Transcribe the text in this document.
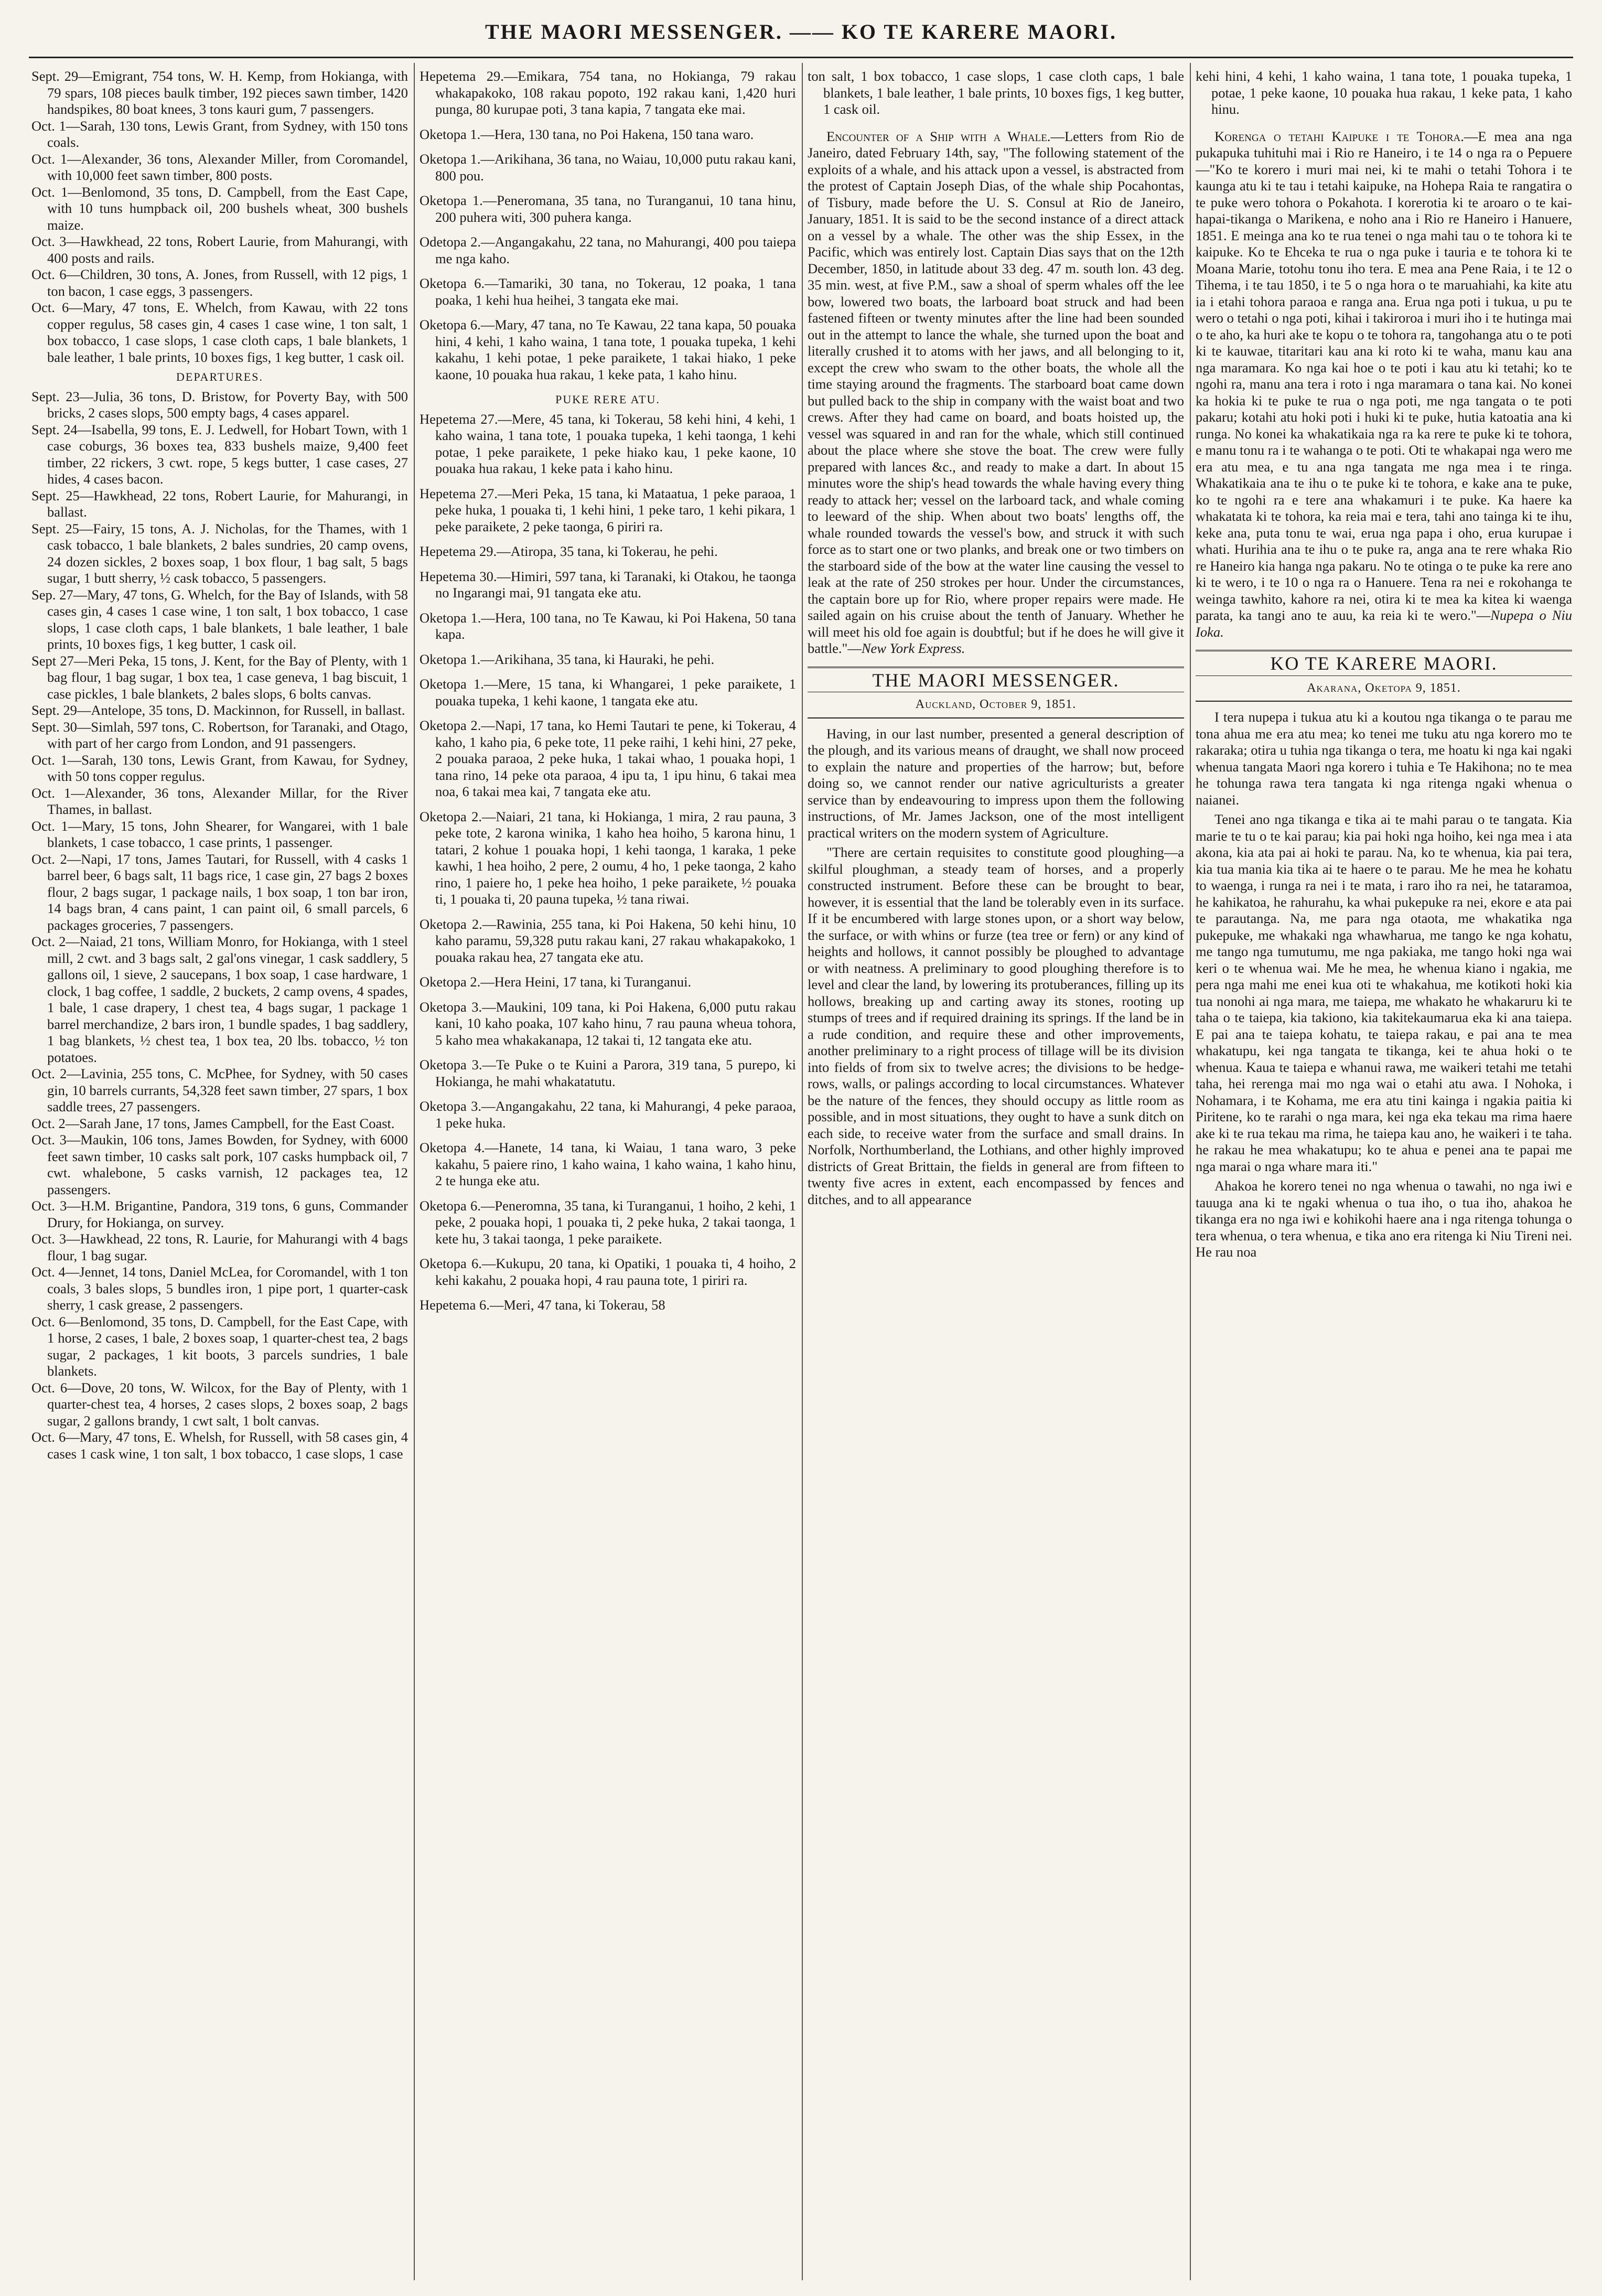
THE MAORI MESSENGER. —— KO TE KARERE MAORI.

Sept. 29—Emigrant, 754 tons, W. H. Kemp, from Hokianga, with 79 spars, 108 pieces baulk timber, 192 pieces sawn timber, 1420 handspikes, 80 boat knees, 3 tons kauri gum, 7 passengers.

Oct. 1—Sarah, 130 tons, Lewis Grant, from Sydney, with 150 tons coals.

Oct. 1—Alexander, 36 tons, Alexander Miller, from Coromandel, with 10,000 feet sawn timber, 800 posts.

Oct. 1—Benlomond, 35 tons, D. Campbell, from the East Cape, with 10 tuns humpback oil, 200 bushels wheat, 300 bushels maize.

Oct. 3—Hawkhead, 22 tons, Robert Laurie, from Mahurangi, with 400 posts and rails.

Oct. 6—Children, 30 tons, A. Jones, from Russell, with 12 pigs, 1 ton bacon, 1 case eggs, 3 passengers.

Oct. 6—Mary, 47 tons, E. Whelch, from Kawau, with 22 tons copper regulus, 58 cases gin, 4 cases 1 case wine, 1 ton salt, 1 box tobacco, 1 case slops, 1 case cloth caps, 1 bale blankets, 1 bale leather, 1 bale prints, 10 boxes figs, 1 keg butter, 1 cask oil.

DEPARTURES.

Sept. 23—Julia, 36 tons, D. Bristow, for Poverty Bay, with 500 bricks, 2 cases slops, 500 empty bags, 4 cases apparel.

Sept. 24—Isabella, 99 tons, E. J. Ledwell, for Hobart Town, with 1 case coburgs, 36 boxes tea, 833 bushels maize, 9,400 feet timber, 22 rickers, 3 cwt. rope, 5 kegs butter, 1 case cases, 27 hides, 4 cases bacon.

Sept. 25—Hawkhead, 22 tons, Robert Laurie, for Mahurangi, in ballast.

Sept. 25—Fairy, 15 tons, A. J. Nicholas, for the Thames, with 1 cask tobacco, 1 bale blankets, 2 bales sundries, 20 camp ovens, 24 dozen sickles, 2 boxes soap, 1 box flour, 1 bag salt, 5 bags sugar, 1 butt sherry, ½ cask tobacco, 5 passengers.

Sep. 27—Mary, 47 tons, G. Whelch, for the Bay of Islands, with 58 cases gin, 4 cases 1 case wine, 1 ton salt, 1 box tobacco, 1 case slops, 1 case cloth caps, 1 bale blankets, 1 bale leather, 1 bale prints, 10 boxes figs, 1 keg butter, 1 cask oil.

Sept 27—Meri Peka, 15 tons, J. Kent, for the Bay of Plenty, with 1 bag flour, 1 bag sugar, 1 box tea, 1 case geneva, 1 bag biscuit, 1 case pickles, 1 bale blankets, 2 bales slops, 6 bolts canvas.

Sept. 29—Antelope, 35 tons, D. Mackinnon, for Russell, in ballast.

Sept. 30—Simlah, 597 tons, C. Robertson, for Taranaki, and Otago, with part of her cargo from London, and 91 passengers.

Oct. 1—Sarah, 130 tons, Lewis Grant, from Kawau, for Sydney, with 50 tons copper regulus.

Oct. 1—Alexander, 36 tons, Alexander Millar, for the River Thames, in ballast.

Oct. 1—Mary, 15 tons, John Shearer, for Wangarei, with 1 bale blankets, 1 case tobacco, 1 case prints, 1 passenger.

Oct. 2—Napi, 17 tons, James Tautari, for Russell, with 4 casks 1 barrel beer, 6 bags salt, 11 bags rice, 1 case gin, 27 bags 2 boxes flour, 2 bags sugar, 1 package nails, 1 box soap, 1 ton bar iron, 14 bags bran, 4 cans paint, 1 can paint oil, 6 small parcels, 6 packages groceries, 7 passengers.

Oct. 2—Naiad, 21 tons, William Monro, for Hokianga, with 1 steel mill, 2 cwt. and 3 bags salt, 2 gal'ons vinegar, 1 cask saddlery, 5 gallons oil, 1 sieve, 2 saucepans, 1 box soap, 1 case hardware, 1 clock, 1 bag coffee, 1 saddle, 2 buckets, 2 camp ovens, 4 spades, 1 bale, 1 case drapery, 1 chest tea, 4 bags sugar, 1 package 1 barrel merchandize, 2 bars iron, 1 bundle spades, 1 bag saddlery, 1 bag blankets, ½ chest tea, 1 box tea, 20 lbs. tobacco, ½ ton potatoes.

Oct. 2—Lavinia, 255 tons, C. McPhee, for Sydney, with 50 cases gin, 10 barrels currants, 54,328 feet sawn timber, 27 spars, 1 box saddle trees, 27 passengers.

Oct. 2—Sarah Jane, 17 tons, James Campbell, for the East Coast.

Oct. 3—Maukin, 106 tons, James Bowden, for Sydney, with 6000 feet sawn timber, 10 casks salt pork, 107 casks humpback oil, 7 cwt. whalebone, 5 casks varnish, 12 packages tea, 12 passengers.

Oct. 3—H.M. Brigantine, Pandora, 319 tons, 6 guns, Commander Drury, for Hokianga, on survey.

Oct. 3—Hawkhead, 22 tons, R. Laurie, for Mahurangi with 4 bags flour, 1 bag sugar.

Oct. 4—Jennet, 14 tons, Daniel McLea, for Coromandel, with 1 ton coals, 3 bales slops, 5 bundles iron, 1 pipe port, 1 quarter-cask sherry, 1 cask grease, 2 passengers.

Oct. 6—Benlomond, 35 tons, D. Campbell, for the East Cape, with 1 horse, 2 cases, 1 bale, 2 boxes soap, 1 quarter-chest tea, 2 bags sugar, 2 packages, 1 kit boots, 3 parcels sundries, 1 bale blankets.

Oct. 6—Dove, 20 tons, W. Wilcox, for the Bay of Plenty, with 1 quarter-chest tea, 4 horses, 2 cases slops, 2 boxes soap, 2 bags sugar, 2 gallons brandy, 1 cwt salt, 1 bolt canvas.

Oct. 6—Mary, 47 tons, E. Whelsh, for Russell, with 58 cases gin, 4 cases 1 cask wine, 1 ton salt, 1 box tobacco, 1 case slops, 1 case

Hepetema 29.—Emikara, 754 tana, no Hokianga, 79 rakau whakapakoko, 108 rakau popoto, 192 rakau kani, 1,420 huri punga, 80 kurupae poti, 3 tana kapia, 7 tangata eke mai.

Oketopa 1.—Hera, 130 tana, no Poi Hakena, 150 tana waro.

Oketopa 1.—Arikihana, 36 tana, no Waiau, 10,000 putu rakau kani, 800 pou.

Oketopa 1.—Peneromana, 35 tana, no Turanganui, 10 tana hinu, 200 puhera witi, 300 puhera kanga.

Odetopa 2.—Angangakahu, 22 tana, no Mahurangi, 400 pou taiepa me nga kaho.

Oketopa 6.—Tamariki, 30 tana, no Tokerau, 12 poaka, 1 tana poaka, 1 kehi hua heihei, 3 tangata eke mai.

Oketopa 6.—Mary, 47 tana, no Te Kawau, 22 tana kapa, 50 pouaka hini, 4 kehi, 1 kaho waina, 1 tana tote, 1 pouaka tupeka, 1 kehi kakahu, 1 kehi potae, 1 peke paraikete, 1 takai hiako, 1 peke kaone, 10 pouaka hua rakau, 1 keke pata, 1 kaho hinu.

PUKE RERE ATU.

Hepetema 27.—Mere, 45 tana, ki Tokerau, 58 kehi hini, 4 kehi, 1 kaho waina, 1 tana tote, 1 pouaka tupeka, 1 kehi taonga, 1 kehi potae, 1 peke paraikete, 1 peke hiako kau, 1 peke kaone, 10 pouaka hua rakau, 1 keke pata i kaho hinu.

Hepetema 27.—Meri Peka, 15 tana, ki Mataatua, 1 peke paraoa, 1 peke huka, 1 pouaka ti, 1 kehi hini, 1 peke taro, 1 kehi pikara, 1 peke paraikete, 2 peke taonga, 6 piriri ra.

Hepetema 29.—Atiropa, 35 tana, ki Tokerau, he pehi.

Hepetema 30.—Himiri, 597 tana, ki Taranaki, ki Otakou, he taonga no Ingarangi mai, 91 tangata eke atu.

Oketopa 1.—Hera, 100 tana, no Te Kawau, ki Poi Hakena, 50 tana kapa.

Oketopa 1.—Arikihana, 35 tana, ki Hauraki, he pehi.

Oketopa 1.—Mere, 15 tana, ki Whangarei, 1 peke paraikete, 1 pouaka tupeka, 1 kehi kaone, 1 tangata eke atu.

Oketopa 2.—Napi, 17 tana, ko Hemi Tautari te pene, ki Tokerau, 4 kaho, 1 kaho pia, 6 peke tote, 11 peke raihi, 1 kehi hini, 27 peke, 2 pouaka paraoa, 2 peke huka, 1 takai whao, 1 pouaka hopi, 1 tana rino, 14 peke ota paraoa, 4 ipu ta, 1 ipu hinu, 6 takai mea noa, 6 takai mea kai, 7 tangata eke atu.

Oketopa 2.—Naiari, 21 tana, ki Hokianga, 1 mira, 2 rau pauna, 3 peke tote, 2 karona winika, 1 kaho hea hoiho, 5 karona hinu, 1 tatari, 2 kohue 1 pouaka hopi, 1 kehi taonga, 1 karaka, 1 peke kawhi, 1 hea hoiho, 2 pere, 2 oumu, 4 ho, 1 peke taonga, 2 kaho rino, 1 paiere ho, 1 peke hea hoiho, 1 peke paraikete, ½ pouaka ti, 1 pouaka ti, 20 pauna tupeka, ½ tana riwai.

Oketopa 2.—Rawinia, 255 tana, ki Poi Hakena, 50 kehi hinu, 10 kaho paramu, 59,328 putu rakau kani, 27 rakau whakapakoko, 1 pouaka rakau hea, 27 tangata eke atu.

Oketopa 2.—Hera Heini, 17 tana, ki Turanganui.

Oketopa 3.—Maukini, 109 tana, ki Poi Hakena, 6,000 putu rakau kani, 10 kaho poaka, 107 kaho hinu, 7 rau pauna wheua tohora, 5 kaho mea whakakanapa, 12 takai ti, 12 tangata eke atu.

Oketopa 3.—Te Puke o te Kuini a Parora, 319 tana, 5 purepo, ki Hokianga, he mahi whakatatutu.

Oketopa 3.—Angangakahu, 22 tana, ki Mahurangi, 4 peke paraoa, 1 peke huka.

Oketopa 4.—Hanete, 14 tana, ki Waiau, 1 tana waro, 3 peke kakahu, 5 paiere rino, 1 kaho waina, 1 kaho waina, 1 kaho hinu, 2 te hunga eke atu.

Oketopa 6.—Peneromna, 35 tana, ki Turanganui, 1 hoiho, 2 kehi, 1 peke, 2 pouaka hopi, 1 pouaka ti, 2 peke huka, 2 takai taonga, 1 kete hu, 3 takai taonga, 1 peke paraikete.

Oketopa 6.—Kukupu, 20 tana, ki Opatiki, 1 pouaka ti, 4 hoiho, 2 kehi kakahu, 2 pouaka hopi, 4 rau pauna tote, 1 piriri ra.

Hepetema 6.—Meri, 47 tana, ki Tokerau, 58

ton salt, 1 box tobacco, 1 case slops, 1 case cloth caps, 1 bale blankets, 1 bale leather, 1 bale prints, 10 boxes figs, 1 keg butter, 1 cask oil.

Encounter of a Ship with a Whale.—Letters from Rio de Janeiro, dated February 14th, say, "The following statement of the exploits of a whale, and his attack upon a vessel, is abstracted from the protest of Captain Joseph Dias, of the whale ship Pocahontas, of Tisbury, made before the U. S. Consul at Rio de Janeiro, January, 1851. It is said to be the second instance of a direct attack on a vessel by a whale. The other was the ship Essex, in the Pacific, which was entirely lost. Captain Dias says that on the 12th December, 1850, in latitude about 33 deg. 47 m. south lon. 43 deg. 35 min. west, at five P.M., saw a shoal of sperm whales off the lee bow, lowered two boats, the larboard boat struck and had been fastened fifteen or twenty minutes after the line had been sounded out in the attempt to lance the whale, she turned upon the boat and literally crushed it to atoms with her jaws, and all belonging to it, except the crew who swam to the other boats, the whole all the time staying around the fragments. The starboard boat came down but pulled back to the ship in company with the waist boat and two crews. After they had came on board, and boats hoisted up, the vessel was squared in and ran for the whale, which still continued about the place where she stove the boat. The crew were fully prepared with lances &c., and ready to make a dart. In about 15 minutes wore the ship's head towards the whale having every thing ready to attack her; vessel on the larboard tack, and whale coming to leeward of the ship. When about two boats' lengths off, the whale rounded towards the vessel's bow, and struck it with such force as to start one or two planks, and break one or two timbers on the starboard side of the bow at the water line causing the vessel to leak at the rate of 250 strokes per hour. Under the circumstances, the captain bore up for Rio, where proper repairs were made. He sailed again on his cruise about the tenth of January. Whether he will meet his old foe again is doubtful; but if he does he will give it battle."—New York Express.

THE MAORI MESSENGER.
Auckland, October 9, 1851.

Having, in our last number, presented a general description of the plough, and its various means of draught, we shall now proceed to explain the nature and properties of the harrow; but, before doing so, we cannot render our native agriculturists a greater service than by endeavouring to impress upon them the following instructions, of Mr. James Jackson, one of the most intelligent practical writers on the modern system of Agriculture.

"There are certain requisites to constitute good ploughing—a skilful ploughman, a steady team of horses, and a properly constructed instrument. Before these can be brought to bear, however, it is essential that the land be tolerably even in its surface. If it be encumbered with large stones upon, or a short way below, the surface, or with whins or furze (tea tree or fern) or any kind of heights and hollows, it cannot possibly be ploughed to advantage or with neatness. A preliminary to good ploughing therefore is to level and clear the land, by lowering its protuberances, filling up its hollows, breaking up and carting away its stones, rooting up stumps of trees and if required draining its springs. If the land be in a rude condition, and require these and other improvements, another preliminary to a right process of tillage will be its division into fields of from six to twelve acres; the divisions to be hedge-rows, walls, or palings according to local circumstances. Whatever be the nature of the fences, they should occupy as little room as possible, and in most situations, they ought to have a sunk ditch on each side, to receive water from the surface and small drains. In Norfolk, Northumberland, the Lothians, and other highly improved districts of Great Brittain, the fields in general are from fifteen to twenty five acres in extent, each encompassed by fences and ditches, and to all appearance

kehi hini, 4 kehi, 1 kaho waina, 1 tana tote, 1 pouaka tupeka, 1 potae, 1 peke kaone, 10 pouaka hua rakau, 1 keke pata, 1 kaho hinu.

Korenga o tetahi Kaipuke i te Tohora.—E mea ana nga pukapuka tuhituhi mai i Rio re Haneiro, i te 14 o nga ra o Pepuere —"Ko te korero i muri mai nei, ki te mahi o tetahi Tohora i te kaunga atu ki te tau i tetahi kaipuke, na Hohepa Raia te rangatira o te puke wero tohora o Pokahota. I korerotia ki te aroaro o te kai-hapai-tikanga o Marikena, e noho ana i Rio re Haneiro i Hanuere, 1851. E meinga ana ko te rua tenei o nga mahi tau o te tohora ki te kaipuke. Ko te Ehceka te rua o nga puke i tauria e te tohora ki te Moana Marie, totohu tonu iho tera. E mea ana Pene Raia, i te 12 o Tihema, i te tau 1850, i te 5 o nga hora o te maruahiahi, ka kite atu ia i etahi tohora paraoa e ranga ana. Erua nga poti i tukua, u pu te wero o tetahi o nga poti, kihai i takiroroa i muri iho i te hutinga mai o te aho, ka huri ake te kopu o te tohora ra, tangohanga atu o te poti ki te kauwae, titaritari kau ana ki roto ki te waha, manu kau ana nga maramara. Ko nga kai hoe o te poti i kau atu ki tetahi; ko te ngohi ra, manu ana tera i roto i nga maramara o tana kai. No konei ka hokia ki te puke te rua o nga poti, me nga tangata o te poti pakaru; kotahi atu hoki poti i huki ki te puke, hutia katoatia ana ki runga. No konei ka whakatikaia nga ra ka rere te puke ki te tohora, e manu tonu ra i te wahanga o te poti. Oti te whakapai nga wero me era atu mea, e tu ana nga tangata me nga mea i te ringa. Whakatikaia ana te ihu o te puke ki te tohora, e kake ana te puke, ko te ngohi ra e tere ana whakamuri i te puke. Ka haere ka whakatata ki te tohora, ka reia mai e tera, tahi ano tainga ki te ihu, keke ana, puta tonu te wai, erua nga papa i oho, erua kurupae i whati. Hurihia ana te ihu o te puke ra, anga ana te rere whaka Rio re Haneiro kia hanga nga pakaru. No te otinga o te puke ka rere ano ki te wero, i te 10 o nga ra o Hanuere. Tena ra nei e rokohanga te weinga tawhito, kahore ra nei, otira ki te mea ka kitea ki waenga parata, ka tangi ano te auu, ka reia ki te wero."—Nupepa o Niu Ioka.

KO TE KARERE MAORI.
Akarana, Oketopa 9, 1851.

I tera nupepa i tukua atu ki a koutou nga tikanga o te parau me tona ahua me era atu mea; ko tenei me tuku atu nga korero mo te rakaraka; otira u tuhia nga tikanga o tera, me hoatu ki nga kai ngaki whenua tangata Maori nga korero i tuhia e Te Hakihona; no te mea he tohunga rawa tera tangata ki nga ritenga ngaki whenua o naianei.

Tenei ano nga tikanga e tika ai te mahi parau o te tangata. Kia marie te tu o te kai parau; kia pai hoki nga hoiho, kei nga mea i ata akona, kia ata pai ai hoki te parau. Na, ko te whenua, kia pai tera, kia tua mania kia tika ai te haere o te parau. Me he mea he kohatu to waenga, i runga ra nei i te mata, i raro iho ra nei, he tataramoa, he kahikatoa, he rahurahu, ka whai pukepuke ra nei, ekore e ata pai te parautanga. Na, me para nga otaota, me whakatika nga pukepuke, me whakaki nga whawharua, me tango ke nga kohatu, me tango nga tumutumu, me nga pakiaka, me tango hoki nga wai keri o te whenua wai. Me he mea, he whenua kiano i ngakia, me pera nga mahi me enei kua oti te whakahua, me kotikoti hoki kia tua nonohi ai nga mara, me taiepa, me whakato he whakaruru ki te taha o te taiepa, kia takiono, kia takitekaumarua eka ki ana taiepa. E pai ana te taiepa kohatu, te taiepa rakau, e pai ana te mea whakatupu, kei nga tangata te tikanga, kei te ahua hoki o te whenua. Kaua te taiepa e whanui rawa, me waikeri tetahi me tetahi taha, hei rerenga mai mo nga wai o etahi atu awa. I Nohoka, i Nohamara, i te Kohama, me era atu tini kainga i ngakia paitia ki Piritene, ko te rarahi o nga mara, kei nga eka tekau ma rima haere ake ki te rua tekau ma rima, he taiepa kau ano, he waikeri i te taha. he rakau he mea whakatupu; ko te ahua e penei ana te papai me nga marai o nga whare mara iti."

Ahakoa he korero tenei no nga whenua o tawahi, no nga iwi e tauuga ana ki te ngaki whenua o tua iho, o tua iho, ahakoa he tikanga era no nga iwi e kohikohi haere ana i nga ritenga tohunga o tera whenua, o tera whenua, e tika ano era ritenga ki Niu Tireni nei. He rau noa
